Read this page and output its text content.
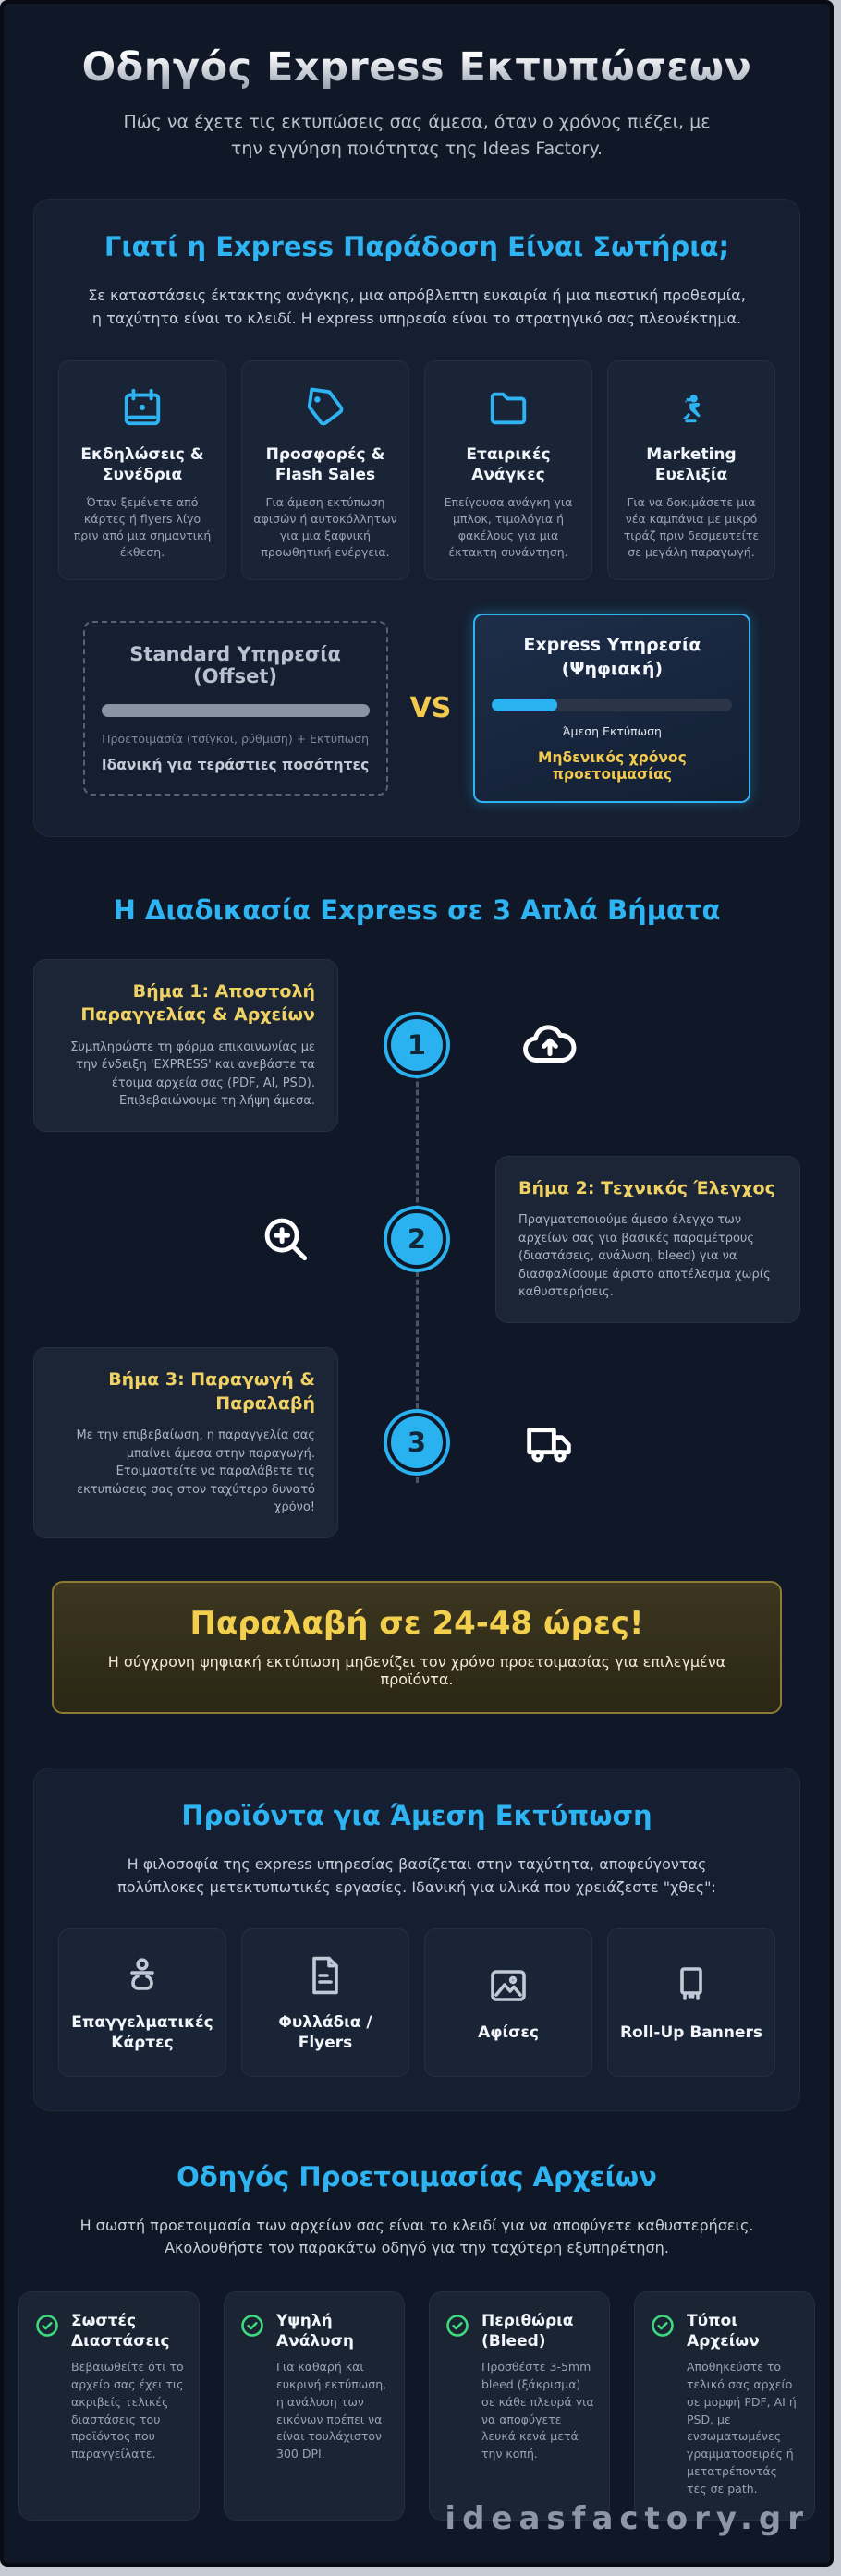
Οδηγός Express Εκτυπώσεων
Πώς να έχετε τις εκτυπώσεις σας άμεσα, όταν ο χρόνος πιέζει, με την εγγύηση ποιότητας της Ideas Factory.
Γιατί η Express Παράδοση Είναι Σωτήρια;
Σε καταστάσεις έκτακτης ανάγκης, μια απρόβλεπτη ευκαιρία ή μια πιεστική προθεσμία, η ταχύτητα είναι το κλειδί. Η express υπηρεσία είναι το στρατηγικό σας πλεονέκτημα.
Εκδηλώσεις & Συνέδρια

Όταν ξεμένετε από κάρτες ή flyers λίγο πριν από μια σημαντική έκθεση.

Προσφορές & Flash Sales

Για άμεση εκτύπωση αφισών ή αυτοκόλλητων για μια ξαφνική προωθητική ενέργεια.

Εταιρικές Ανάγκες

Επείγουσα ανάγκη για μπλοκ, τιμολόγια ή φακέλους για μια έκτακτη συνάντηση.

Marketing Ευελιξία

Για να δοκιμάσετε μια νέα καμπάνια με μικρό τιράζ πριν δεσμευτείτε σε μεγάλη παραγωγή.

Standard Υπηρεσία (Offset)
Προετοιμασία (τσίγκοι, ρύθμιση) + Εκτύπωση
Ιδανική για τεράστιες ποσότητες
VS
Express Υπηρεσία (Ψηφιακή)
Άμεση Εκτύπωση
Μηδενικός χρόνος προετοιμασίας
Η Διαδικασία Express σε 3 Απλά Βήματα
Βήμα 1: Αποστολή Παραγγελίας & Αρχείων

Συμπληρώστε τη φόρμα επικοινωνίας με την ένδειξη 'EXPRESS' και ανεβάστε τα έτοιμα αρχεία σας (PDF, AI, PSD). Επιβεβαιώνουμε τη λήψη άμεσα.

1
2
Βήμα 2: Τεχνικός Έλεγχος

Πραγματοποιούμε άμεσο έλεγχο των αρχείων σας για βασικές παραμέτρους (διαστάσεις, ανάλυση, bleed) για να διασφαλίσουμε άριστο αποτέλεσμα χωρίς καθυστερήσεις.

Βήμα 3: Παραγωγή & Παραλαβή

Με την επιβεβαίωση, η παραγγελία σας μπαίνει άμεσα στην παραγωγή. Ετοιμαστείτε να παραλάβετε τις εκτυπώσεις σας στον ταχύτερο δυνατό χρόνο!

3
Παραλαβή σε 24-48 ώρες!

Η σύγχρονη ψηφιακή εκτύπωση μηδενίζει τον χρόνο προετοιμασίας για επιλεγμένα προϊόντα.

Προϊόντα για Άμεση Εκτύπωση
Η φιλοσοφία της express υπηρεσίας βασίζεται στην ταχύτητα, αποφεύγοντας πολύπλοκες μετεκτυπωτικές εργασίες. Ιδανική για υλικά που χρειάζεστε "χθες":
Επαγγελματικές Κάρτες
Φυλλάδια / Flyers
Αφίσες	Roll-Up Banners
Οδηγός Προετοιμασίας Αρχείων
Η σωστή προετοιμασία των αρχείων σας είναι το κλειδί για να αποφύγετε καθυστερήσεις. Ακολουθήστε τον παρακάτω οδηγό για την ταχύτερη εξυπηρέτηση.
Σωστές Διαστάσεις

Βεβαιωθείτε ότι το αρχείο σας έχει τις ακριβείς τελικές διαστάσεις του προϊόντος που παραγγείλατε.

Υψηλή Ανάλυση

Για καθαρή και ευκρινή εκτύπωση, η ανάλυση των εικόνων πρέπει να είναι τουλάχιστον 300 DPI.

Περιθώρια (Bleed)

Προσθέστε 3-5mm bleed (ξάκρισμα) σε κάθε πλευρά για να αποφύγετε λευκά κενά μετά την κοπή.

Τύποι Αρχείων

Αποθηκεύστε το τελικό σας αρχείο σε μορφή PDF, AI ή PSD, με ενσωματωμένες γραμματοσειρές ή μετατρέποντάς τες σε path.

ideasfactory.gr
